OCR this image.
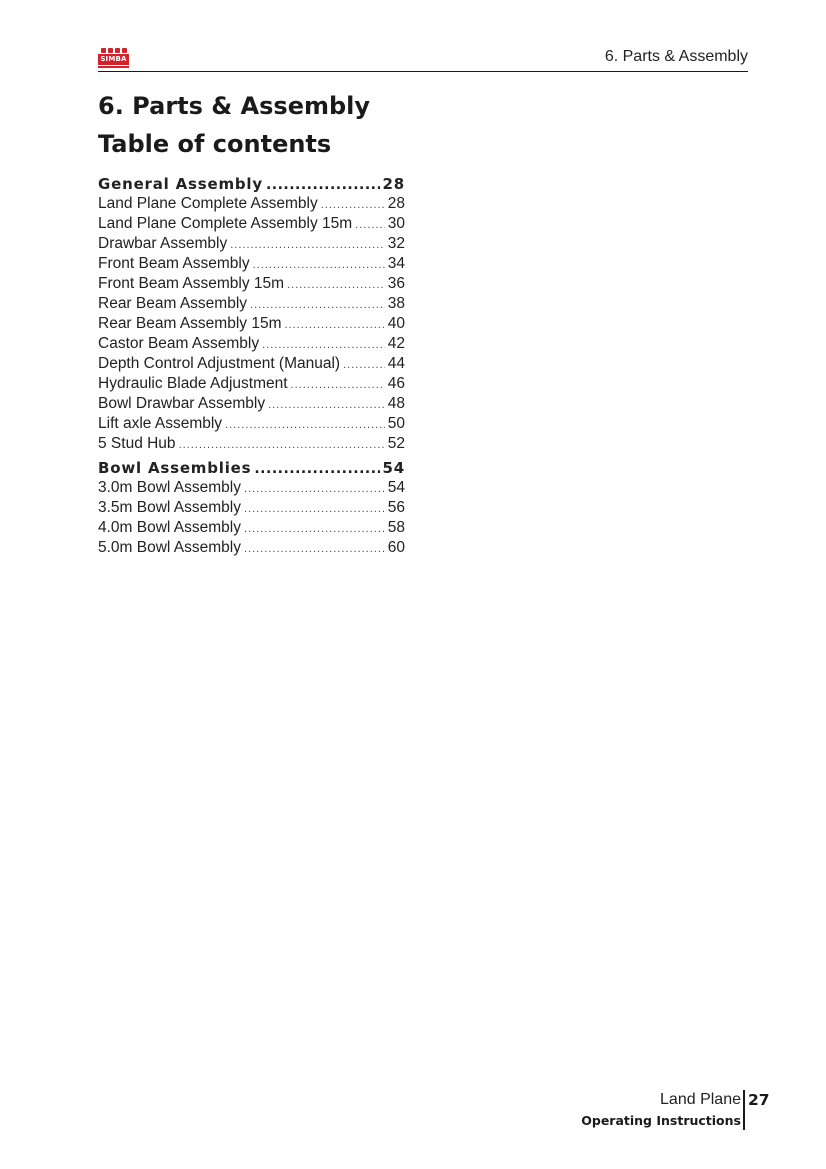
SIMBA	6. Parts & Assembly
6. Parts & Assembly
Table of contents
General Assembly .....	28
Land Plane Complete Assembly .....	28
Land Plane Complete Assembly 15m ..... 30
Drawbar Assembly .....	32
Front Beam Assembly .....	34
Front Beam Assembly 15m .....	36
Rear Beam Assembly .....	38
Rear Beam Assembly 15m .....	40
Castor Beam Assembly .....	42
Depth Control Adjustment (Manual) .....	44
Hydraulic Blade Adjustment .....	46
Bowl Drawbar Assembly .....	48
Lift axle Assembly .....	50
5 Stud Hub .....	52
Bowl Assemblies .....	54
3.0m Bowl Assembly .....	54
3.5m Bowl Assembly .....	56
4.0m Bowl Assembly .....	58
5.0m Bowl Assembly .....	60
Land Plane
Operating Instructions
27
